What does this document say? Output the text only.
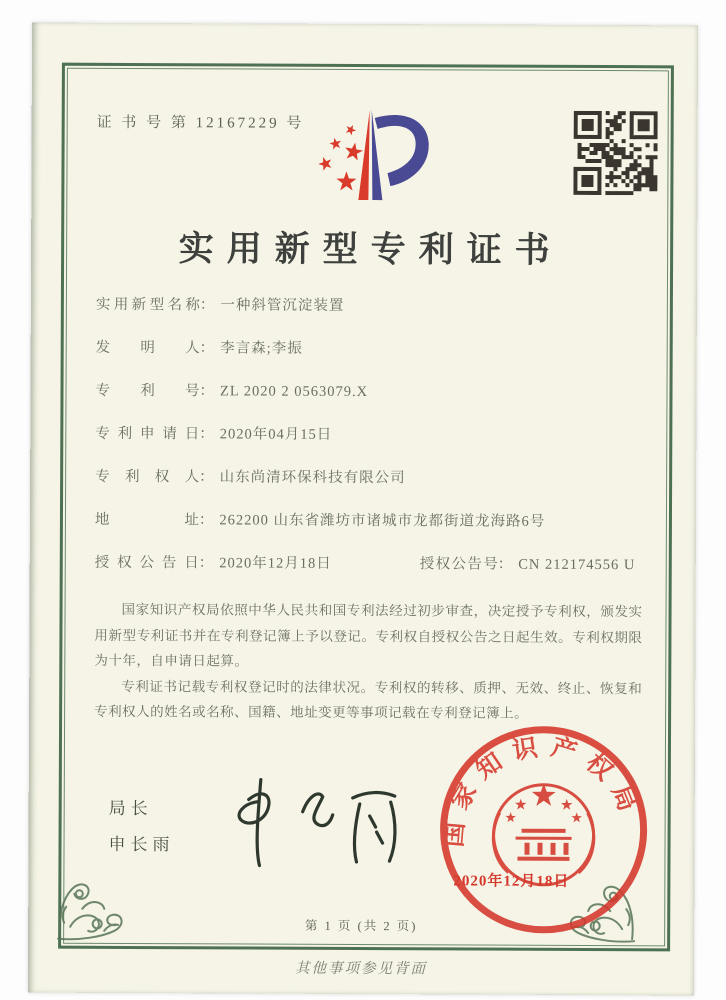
证 书 号 第 12167229 号
实用新型专利证书
实用新型名称： 一种斜管沉淀装置
发明人： 李言森;李振
专利号： ZL 2020 2 0563079.X
专利申请日： 2020年04月15日
专利权人： 山东尚清环保科技有限公司
地址： 262200 山东省潍坊市诸城市龙都街道龙海路6号
授权公告日： 2020年12月18日	授权公告号： CN 212174556 U

国家知识产权局依照中华人民共和国专利法经过初步审查，决定授予专利权，颁发实用新型专利证书并在专利登记簿上予以登记。专利权自授权公告之日起生效。专利权期限为十年，自申请日起算。

专利证书记载专利权登记时的法律状况。专利权的转移、质押、无效、终止、恢复和专利权人的姓名或名称、国籍、地址变更等事项记载在专利登记簿上。

局长
申长雨	国家知识产权局
2020年12月18日
第 1 页 (共 2 页)
其他事项参见背面
